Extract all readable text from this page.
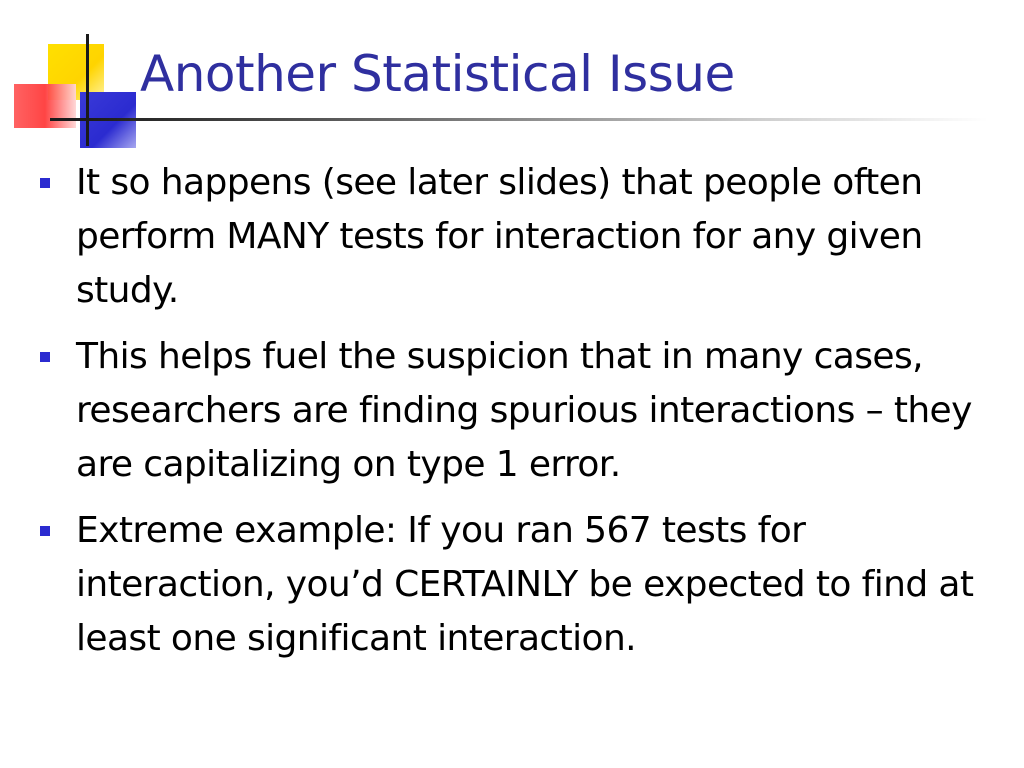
Another Statistical Issue
It so happens (see later slides) that people often perform MANY tests for interaction for any given study.
This helps fuel the suspicion that in many cases, researchers are finding spurious interactions – they are capitalizing on type 1 error.
Extreme example: If you ran 567 tests for interaction, you’d CERTAINLY be expected to find at least one significant interaction.
